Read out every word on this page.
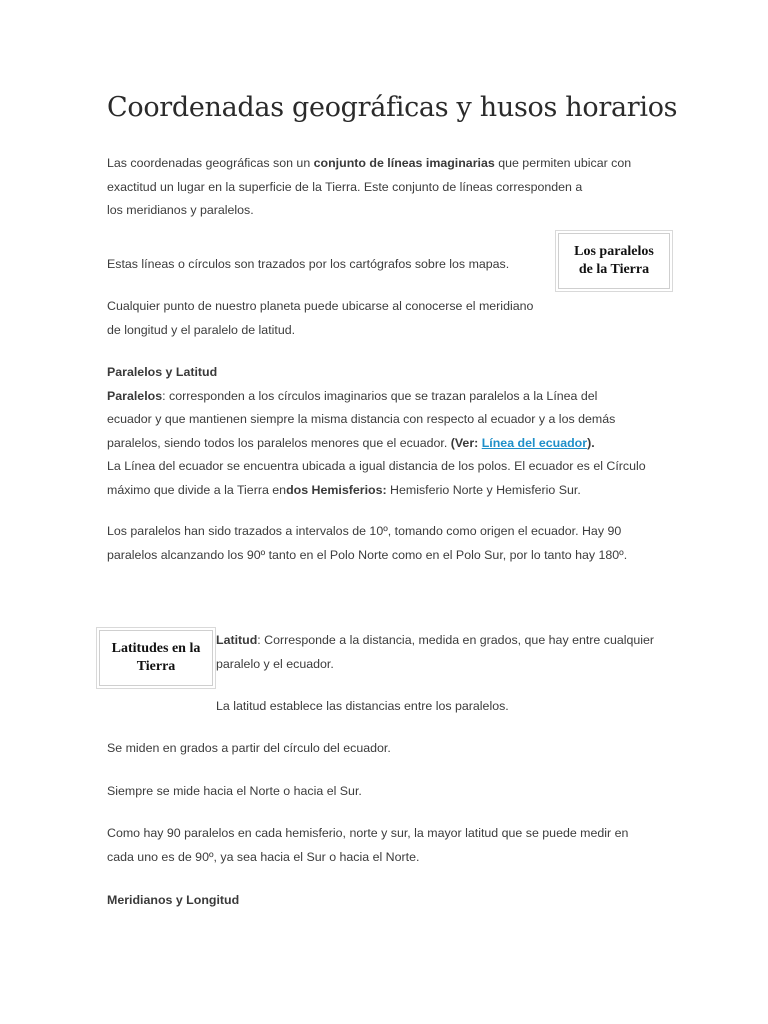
Coordenadas geográficas y husos horarios
Las coordenadas geográficas son un conjunto de líneas imaginarias que permiten ubicar con
exactitud un lugar en la superficie de la Tierra. Este conjunto de líneas corresponden a
los meridianos y paralelos.
Estas líneas o círculos son trazados por los cartógrafos sobre los mapas.
Los paralelos
de la Tierra
Cualquier punto de nuestro planeta puede ubicarse al conocerse el meridiano
de longitud y el paralelo de latitud.
Paralelos y Latitud
Paralelos: corresponden a los círculos imaginarios que se trazan paralelos a la Línea del
ecuador y que mantienen siempre la misma distancia con respecto al ecuador y a los demás
paralelos, siendo todos los paralelos menores que el ecuador. (Ver: Línea del ecuador).
La Línea del ecuador se encuentra ubicada a igual distancia de los polos. El ecuador es el Círculo
máximo que divide a la Tierra endos Hemisferios: Hemisferio Norte y Hemisferio Sur.
Los paralelos han sido trazados a intervalos de 10º, tomando como origen el ecuador. Hay 90
paralelos alcanzando los 90º tanto en el Polo Norte como en el Polo Sur, por lo tanto hay 180º.
Latitudes en la
Tierra
Latitud: Corresponde a la distancia, medida en grados, que hay entre cualquier
paralelo y el ecuador.
La latitud establece las distancias entre los paralelos.
Se miden en grados a partir del círculo del ecuador.
Siempre se mide hacia el Norte o hacia el Sur.
Como hay 90 paralelos en cada hemisferio, norte y sur, la mayor latitud que se puede medir en
cada uno es de 90º, ya sea hacia el Sur o hacia el Norte.
Meridianos y Longitud
